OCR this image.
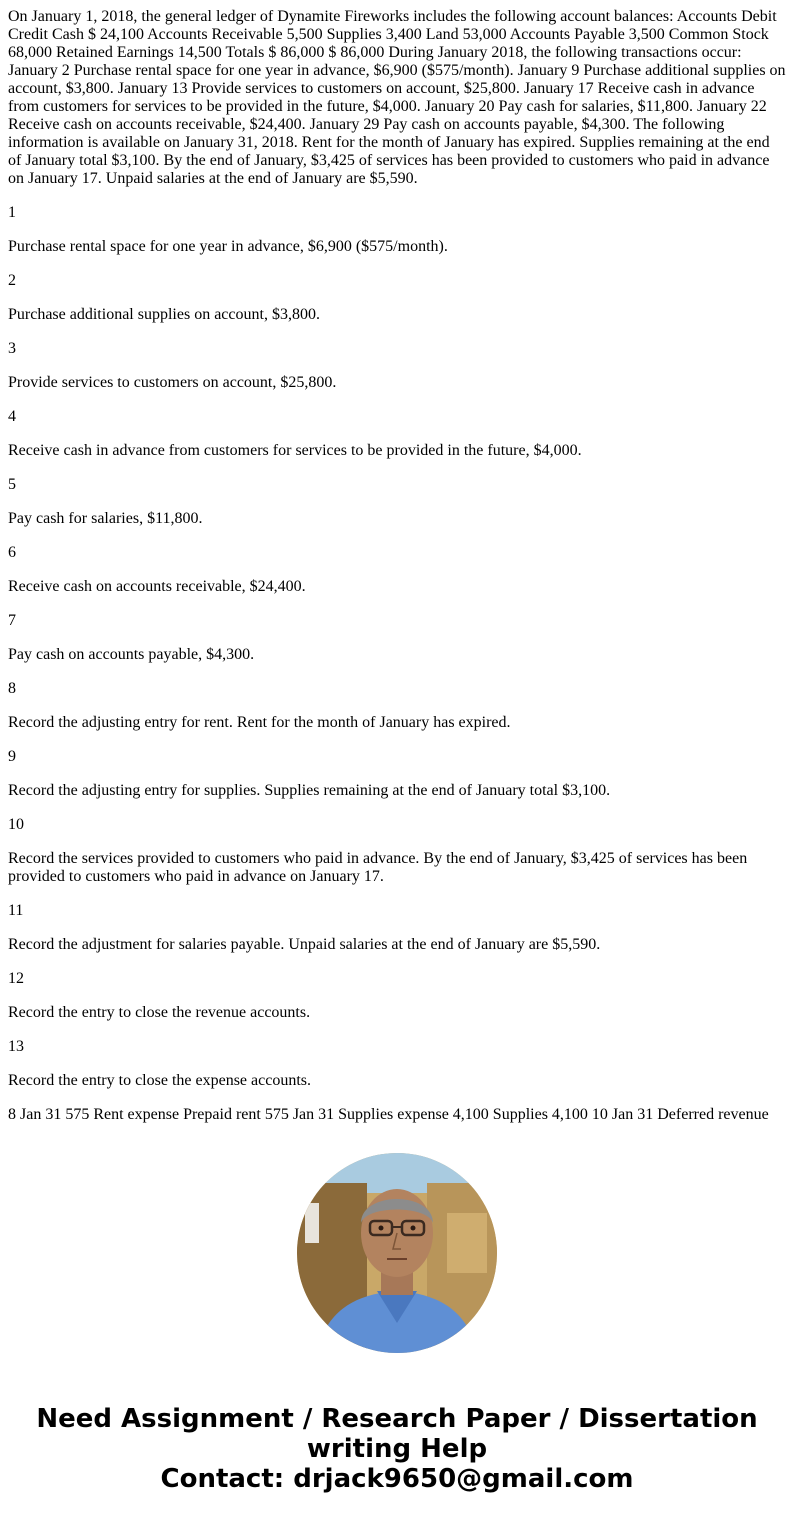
On January 1, 2018, the general ledger of Dynamite Fireworks includes the following account balances: Accounts Debit Credit Cash $ 24,100 Accounts Receivable 5,500 Supplies 3,400 Land 53,000 Accounts Payable 3,500 Common Stock 68,000 Retained Earnings 14,500 Totals $ 86,000 $ 86,000 During January 2018, the following transactions occur: January 2 Purchase rental space for one year in advance, $6,900 ($575/month). January 9 Purchase additional supplies on account, $3,800. January 13 Provide services to customers on account, $25,800. January 17 Receive cash in advance from customers for services to be provided in the future, $4,000. January 20 Pay cash for salaries, $11,800. January 22 Receive cash on accounts receivable, $24,400. January 29 Pay cash on accounts payable, $4,300. The following information is available on January 31, 2018. Rent for the month of January has expired. Supplies remaining at the end of January total $3,100. By the end of January, $3,425 of services has been provided to customers who paid in advance on January 17. Unpaid salaries at the end of January are $5,590.

1

Purchase rental space for one year in advance, $6,900 ($575/month).

2

Purchase additional supplies on account, $3,800.

3

Provide services to customers on account, $25,800.

4

Receive cash in advance from customers for services to be provided in the future, $4,000.

5

Pay cash for salaries, $11,800.

6

Receive cash on accounts receivable, $24,400.

7

Pay cash on accounts payable, $4,300.

8

Record the adjusting entry for rent. Rent for the month of January has expired.

9

Record the adjusting entry for supplies. Supplies remaining at the end of January total $3,100.

10

Record the services provided to customers who paid in advance. By the end of January, $3,425 of services has been provided to customers who paid in advance on January 17.

11

Record the adjustment for salaries payable. Unpaid salaries at the end of January are $5,590.

12

Record the entry to close the revenue accounts.

13

Record the entry to close the expense accounts.

8 Jan 31 575 Rent expense Prepaid rent 575 Jan 31 Supplies expense 4,100 Supplies 4,100 10 Jan 31 Deferred revenue

Need Assignment / Research Paper / Dissertation
writing Help
Contact: drjack9650@gmail.com
